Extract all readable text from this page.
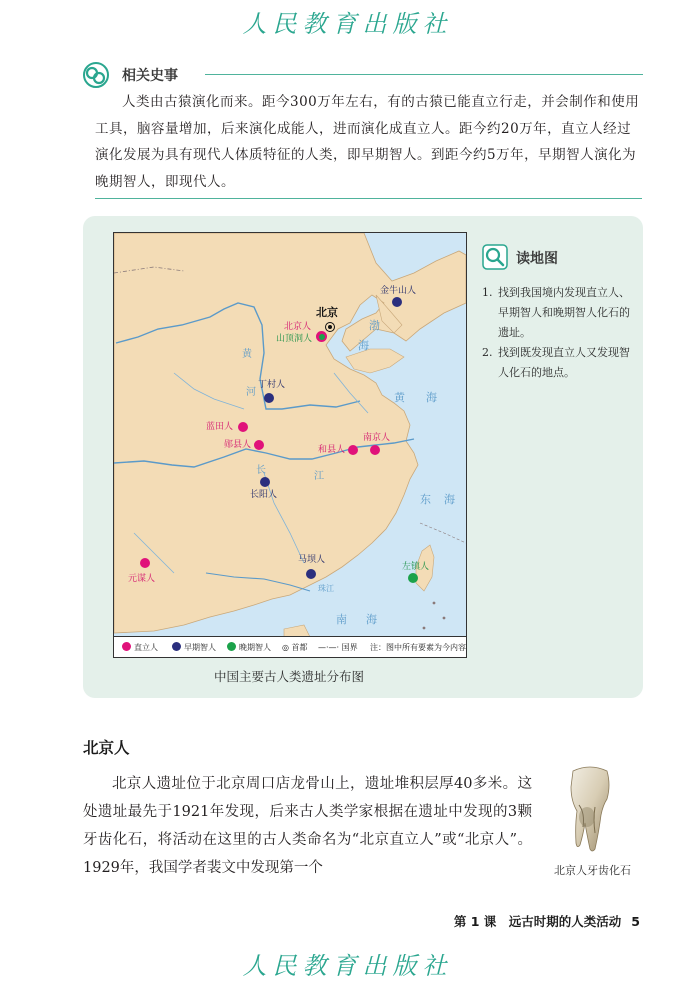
人民教育出版社
相关史事
人类由古猿演化而来。距今300万年左右，有的古猿已能直立行走，并会制作和使用工具，脑容量增加，后来演化成能人，进而演化成直立人。距今约20万年，直立人经过演化发展为具有现代人体质特征的人类，即早期智人。到距今约5万年，早期智人演化为晚期智人，即现代人。
北京
金牛山人
北京人
山顶洞人
丁村人
蓝田人
郧县人	和县人
南京人
长阳人
马坝人
左镇人
元谋人
渤
海
黄 海
东 海
南 海
黄
河
长
江
珠江
直立人	早期智人	晚期智人 ◎ 首都 —·—· 国界 注：图中所有要素为今内容
中国主要古人类遗址分布图
读地图
1. 找到我国境内发现直立人、早期智人和晚期智人化石的遗址。
2. 找到既发现直立人又发现智人化石的地点。
北京人
北京人遗址位于北京周口店龙骨山上，遗址堆积层厚40多米。这处遗址最先于1921年发现，后来古人类学家根据在遗址中发现的3颗牙齿化石，将活动在这里的古人类命名为“北京直立人”或“北京人”。1929年，我国学者裴文中发现第一个	北京人牙齿化石
第 1 课　远古时期的人类活动 5
人民教育出版社
